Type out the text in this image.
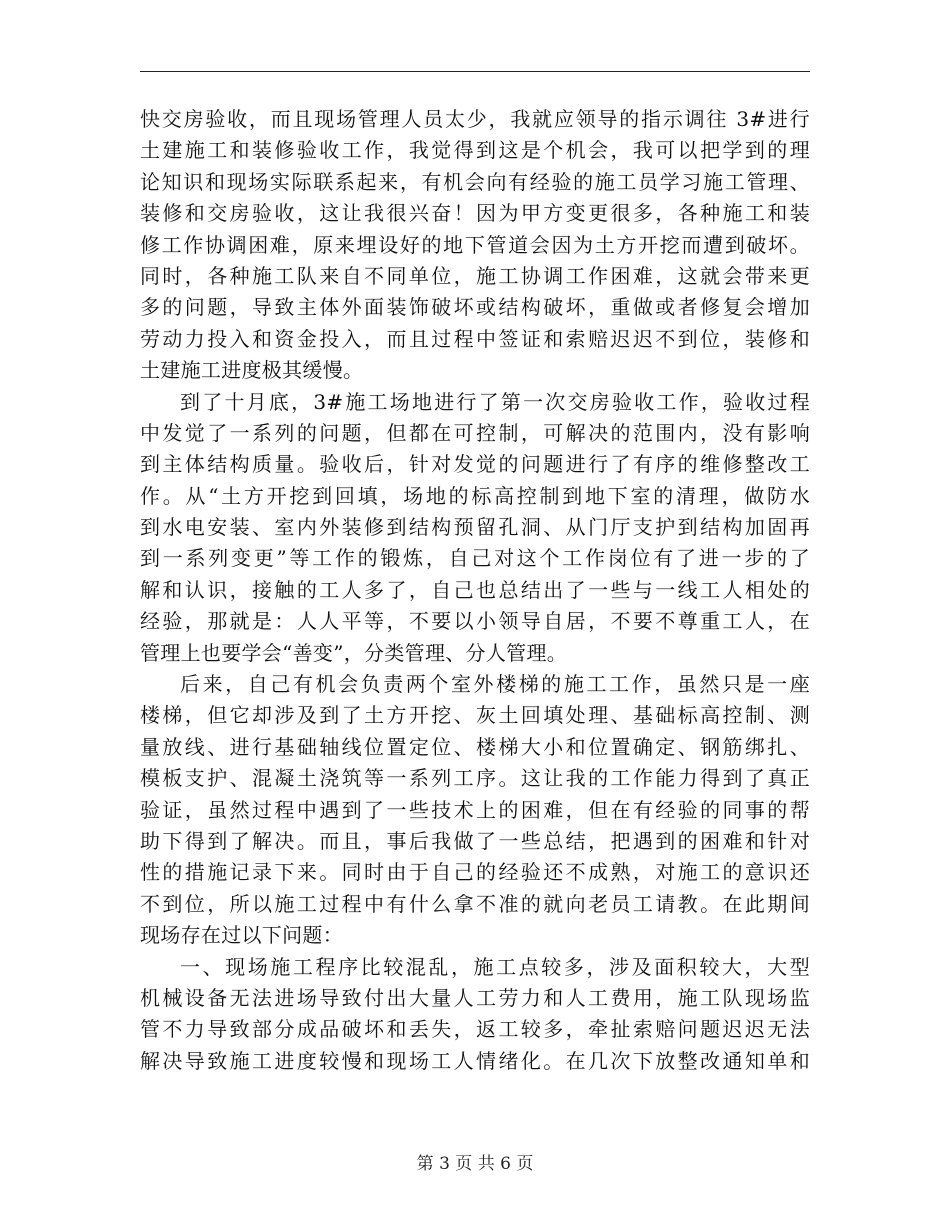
快交房验收，而且现场管理人员太少，我就应领导的指示调往 3#进行
土建施工和装修验收工作，我觉得到这是个机会，我可以把学到的理
论知识和现场实际联系起来，有机会向有经验的施工员学习施工管理、
装修和交房验收，这让我很兴奋！因为甲方变更很多，各种施工和装
修工作协调困难，原来埋设好的地下管道会因为土方开挖而遭到破坏。
同时，各种施工队来自不同单位，施工协调工作困难，这就会带来更
多的问题，导致主体外面装饰破坏或结构破坏，重做或者修复会增加
劳动力投入和资金投入，而且过程中签证和索赔迟迟不到位，装修和
土建施工进度极其缓慢。
到了十月底，3#施工场地进行了第一次交房验收工作，验收过程
中发觉了一系列的问题，但都在可控制，可解决的范围内，没有影响
到主体结构质量。验收后，针对发觉的问题进行了有序的维修整改工
作。从“土方开挖到回填，场地的标高控制到地下室的清理，做防水
到水电安装、室内外装修到结构预留孔洞、从门厅支护到结构加固再
到一系列变更”等工作的锻炼，自己对这个工作岗位有了进一步的了
解和认识，接触的工人多了，自己也总结出了一些与一线工人相处的
经验，那就是：人人平等，不要以小领导自居，不要不尊重工人，在
管理上也要学会“善变”，分类管理、分人管理。
后来，自己有机会负责两个室外楼梯的施工工作，虽然只是一座
楼梯，但它却涉及到了土方开挖、灰土回填处理、基础标高控制、测
量放线、进行基础轴线位置定位、楼梯大小和位置确定、钢筋绑扎、
模板支护、混凝土浇筑等一系列工序。这让我的工作能力得到了真正
验证，虽然过程中遇到了一些技术上的困难，但在有经验的同事的帮
助下得到了解决。而且，事后我做了一些总结，把遇到的困难和针对
性的措施记录下来。同时由于自己的经验还不成熟，对施工的意识还
不到位，所以施工过程中有什么拿不准的就向老员工请教。在此期间
现场存在过以下问题：
一、现场施工程序比较混乱，施工点较多，涉及面积较大，大型
机械设备无法进场导致付出大量人工劳力和人工费用，施工队现场监
管不力导致部分成品破坏和丢失，返工较多，牵扯索赔问题迟迟无法
解决导致施工进度较慢和现场工人情绪化。在几次下放整改通知单和
第 3 页 共 6 页
